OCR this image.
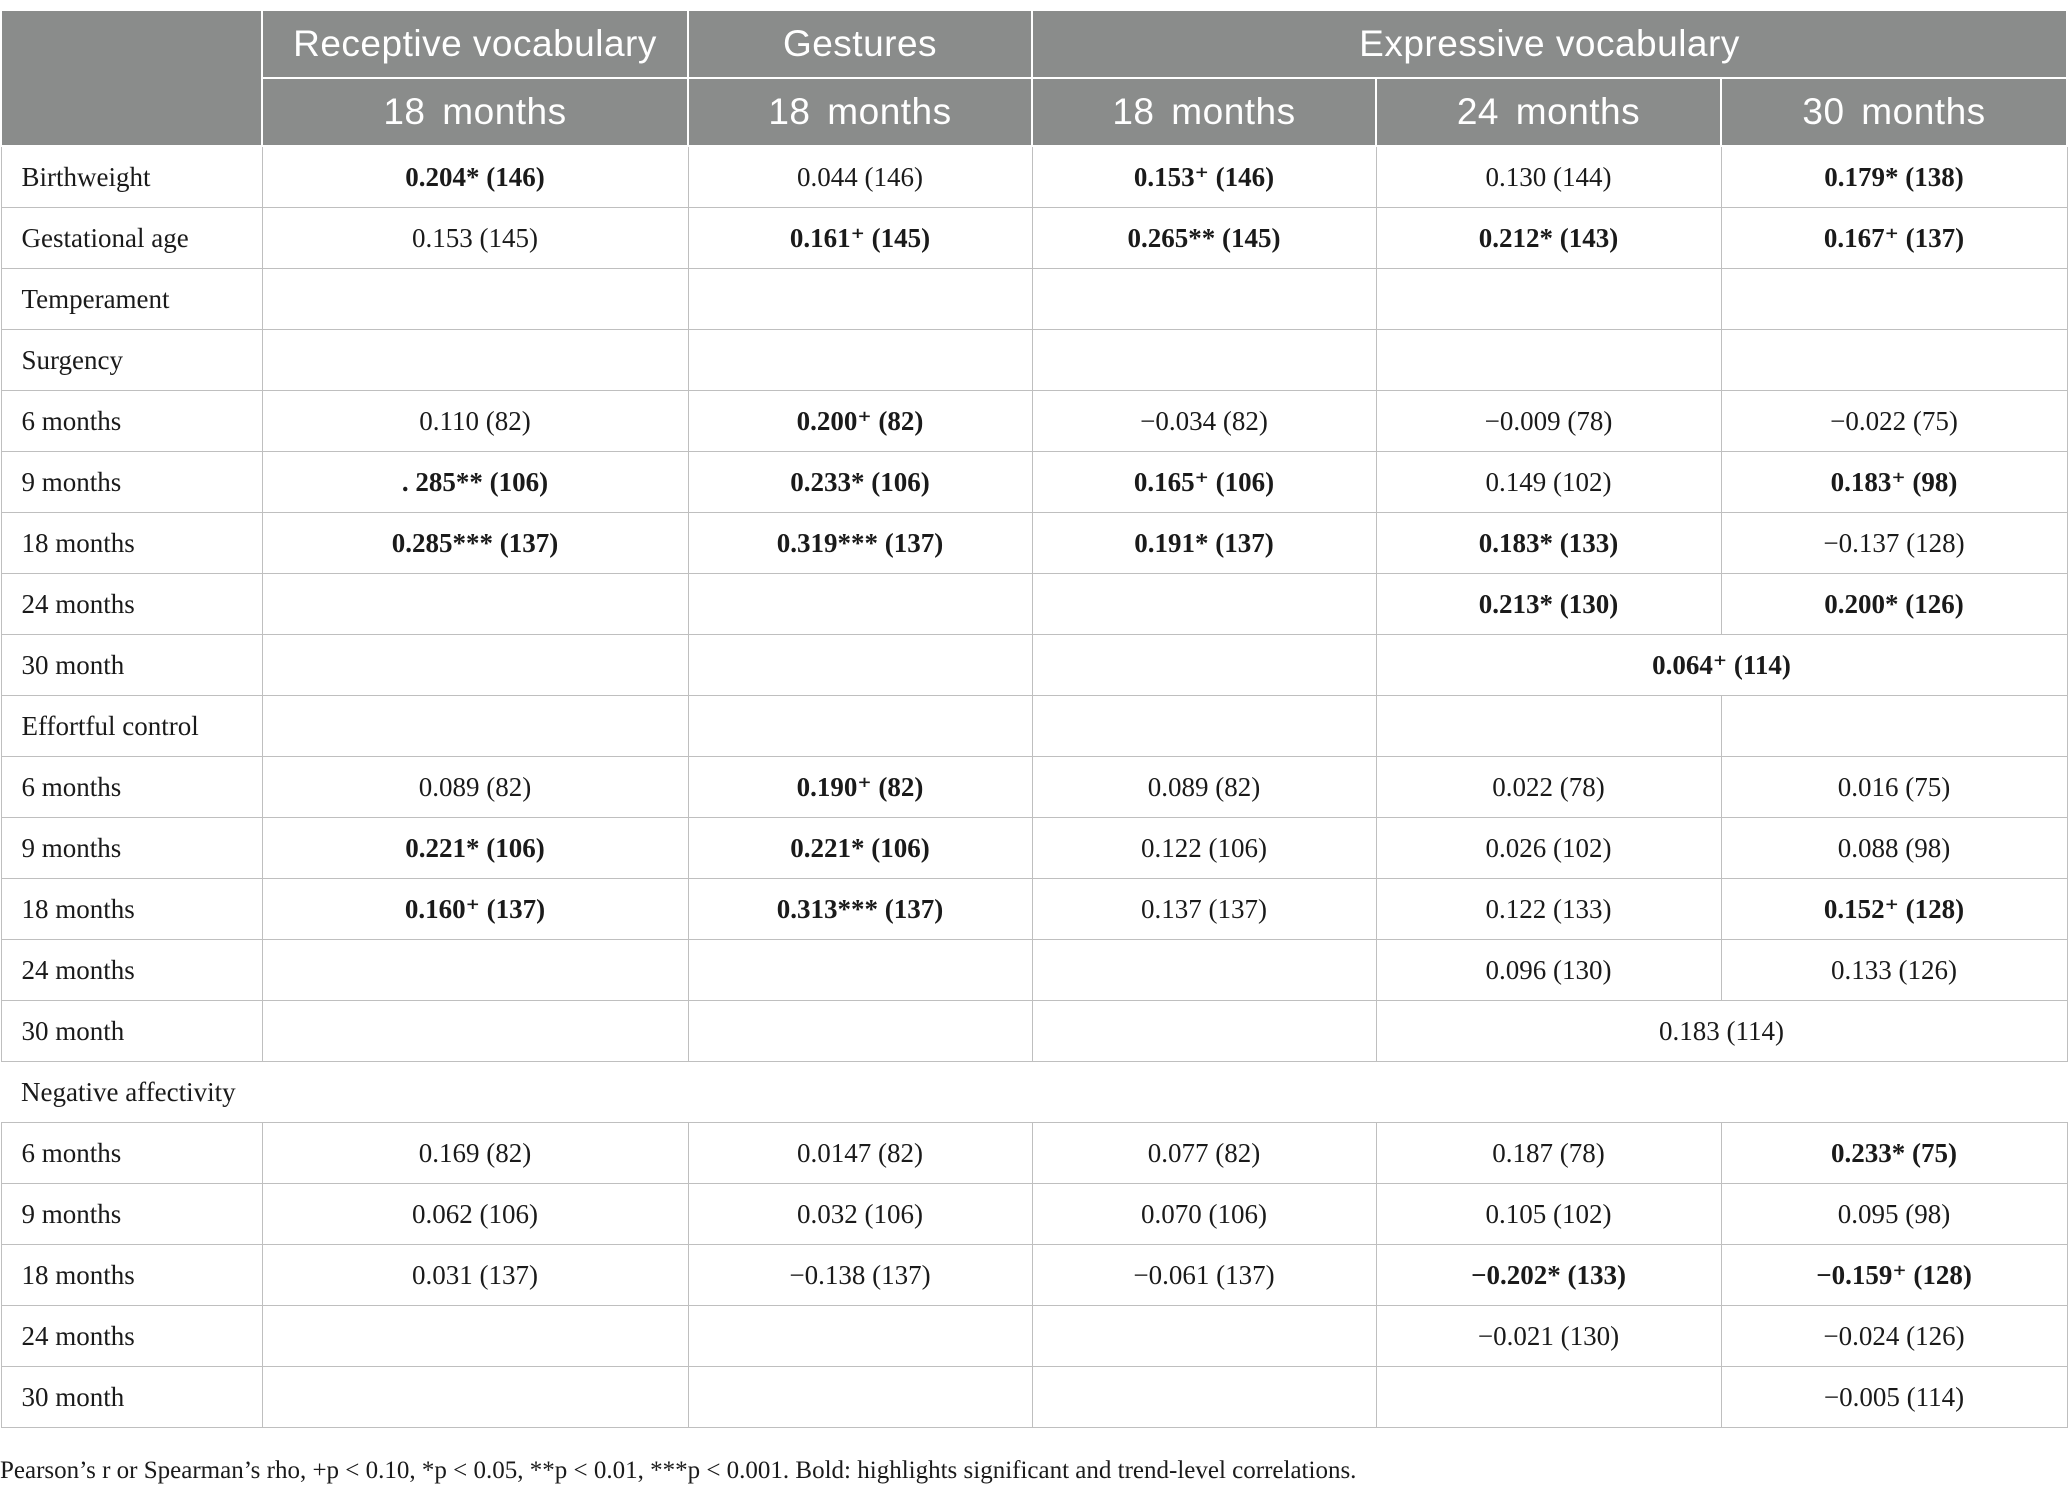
	Receptive vocabulary	Gestures	Expressive vocabulary		
	18 months	18 months	18 months	24 months	30 months
Birthweight	0.204* (146)	0.044 (146)	0.153⁺ (146)	0.130 (144)	0.179* (138)
Gestational age	0.153 (145)	0.161⁺ (145)	0.265** (145)	0.212* (143)	0.167⁺ (137)
Temperament					
Surgency					
6 months	0.110 (82)	0.200⁺ (82)	−0.034 (82)	−0.009 (78)	−0.022 (75)
9 months	. 285** (106)	0.233* (106)	0.165⁺ (106)	0.149 (102)	0.183⁺ (98)
18 months	0.285*** (137)	0.319*** (137)	0.191* (137)	0.183* (133)	−0.137 (128)
24 months				0.213* (130)	0.200* (126)
30 month				0.064⁺ (114)	
Effortful control					
6 months	0.089 (82)	0.190⁺ (82)	0.089 (82)	0.022 (78)	0.016 (75)
9 months	0.221* (106)	0.221* (106)	0.122 (106)	0.026 (102)	0.088 (98)
18 months	0.160⁺ (137)	0.313*** (137)	0.137 (137)	0.122 (133)	0.152⁺ (128)
24 months				0.096 (130)	0.133 (126)
30 month				0.183 (114)	
Negative affectivity					
6 months	0.169 (82)	0.0147 (82)	0.077 (82)	0.187 (78)	0.233* (75)
9 months	0.062 (106)	0.032 (106)	0.070 (106)	0.105 (102)	0.095 (98)
18 months	0.031 (137)	−0.138 (137)	−0.061 (137)	−0.202* (133)	−0.159⁺ (128)
24 months				−0.021 (130)	−0.024 (126)
30 month					−0.005 (114)
Pearson’s r or Spearman’s rho, +p < 0.10, *p < 0.05, **p < 0.01, ***p < 0.001. Bold: highlights significant and trend-level correlations.
